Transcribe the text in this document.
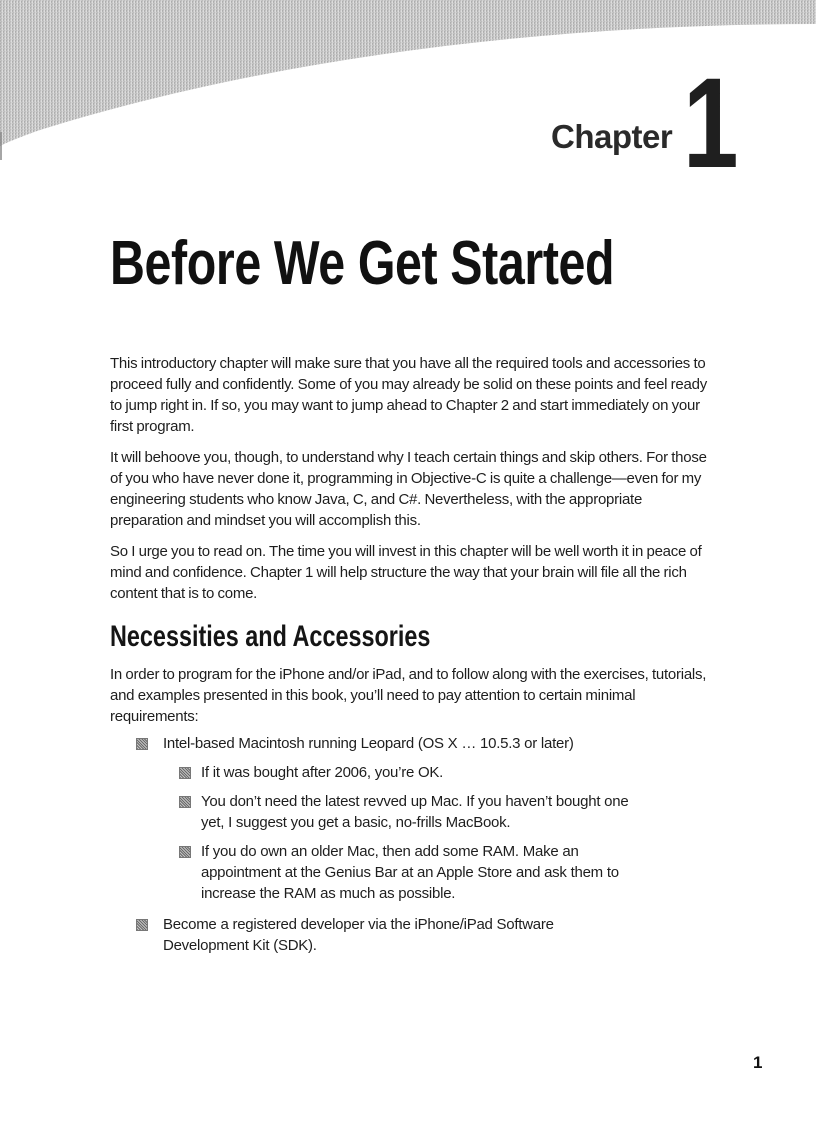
Chapter 1
Before We Get Started

This introductory chapter will make sure that you have all the required tools and accessories to proceed fully and confidently. Some of you may already be solid on these points and feel ready to jump right in. If so, you may want to jump ahead to Chapter 2 and start immediately on your first program.

It will behoove you, though, to understand why I teach certain things and skip others. For those of you who have never done it, programming in Objective-C is quite a challenge—even for my engineering students who know Java, C, and C#. Nevertheless, with the appropriate preparation and mindset you will accomplish this.

So I urge you to read on. The time you will invest in this chapter will be well worth it in peace of mind and confidence. Chapter 1 will help structure the way that your brain will file all the rich content that is to come.

Necessities and Accessories

In order to program for the iPhone and/or iPad, and to follow along with the exercises, tutorials, and examples presented in this book, you’ll need to pay attention to certain minimal requirements:

Intel-based Macintosh running Leopard (OS X … 10.5.3 or later)
If it was bought after 2006, you’re OK.
You don’t need the latest revved up Mac. If you haven’t bought one yet, I suggest you get a basic, no-frills MacBook.
If you do own an older Mac, then add some RAM. Make an appointment at the Genius Bar at an Apple Store and ask them to increase the RAM as much as possible.
Become a registered developer via the iPhone/iPad Software Development Kit (SDK).
1
